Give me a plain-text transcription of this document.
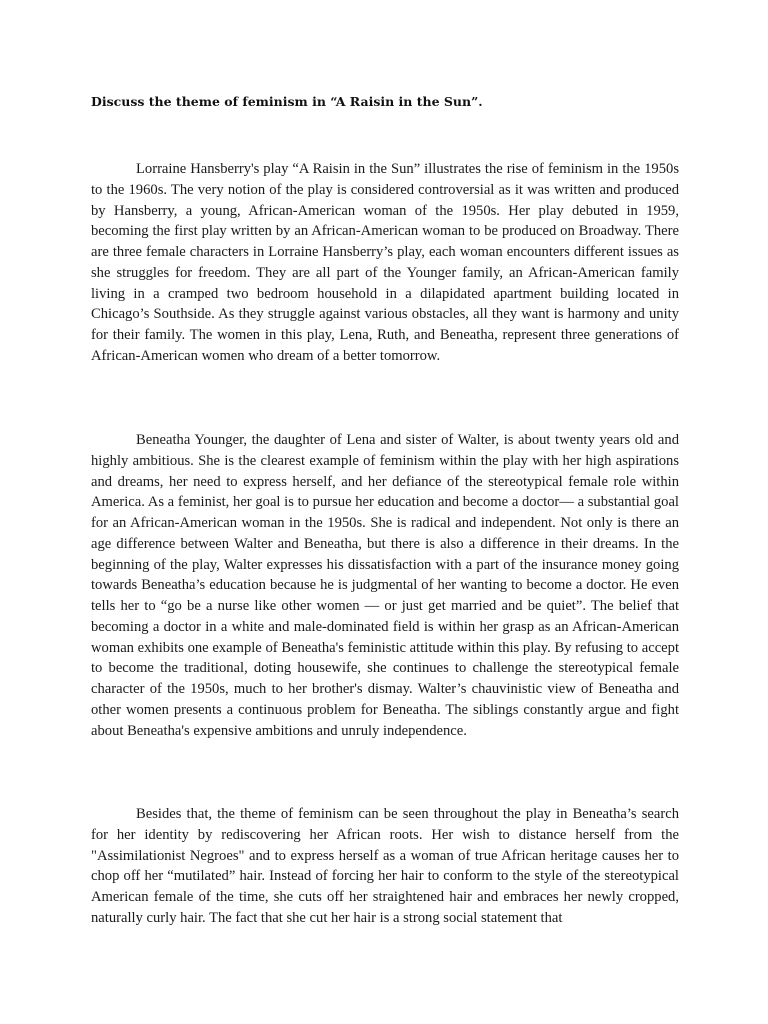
Discuss the theme of feminism in “A Raisin in the Sun”.

Lorraine Hansberry's play “A Raisin in the Sun” illustrates the rise of feminism in the 1950s to the 1960s. The very notion of the play is considered controversial as it was written and produced by Hansberry, a young, African-American woman of the 1950s. Her play debuted in 1959, becoming the first play written by an African-American woman to be produced on Broadway. There are three female characters in Lorraine Hansberry’s play, each woman encounters different issues as she struggles for freedom. They are all part of the Younger family, an African-American family living in a cramped two bedroom household in a dilapidated apartment building located in Chicago’s Southside. As they struggle against various obstacles, all they want is harmony and unity for their family. The women in this play, Lena, Ruth, and Beneatha, represent three generations of African-American women who dream of a better tomorrow.

Beneatha Younger, the daughter of Lena and sister of Walter, is about twenty years old and highly ambitious. She is the clearest example of feminism within the play with her high aspirations and dreams, her need to express herself, and her defiance of the stereotypical female role within America. As a feminist, her goal is to pursue her education and become a doctor— a substantial goal for an African-American woman in the 1950s. She is radical and independent. Not only is there an age difference between Walter and Beneatha, but there is also a difference in their dreams. In the beginning of the play, Walter expresses his dissatisfaction with a part of the insurance money going towards Beneatha’s education because he is judgmental of her wanting to become a doctor. He even tells her to “go be a nurse like other women — or just get married and be quiet”. The belief that becoming a doctor in a white and male-dominated field is within her grasp as an African-American woman exhibits one example of Beneatha's feministic attitude within this play. By refusing to accept to become the traditional, doting housewife, she continues to challenge the stereotypical female character of the 1950s, much to her brother's dismay. Walter’s chauvinistic view of Beneatha and other women presents a continuous problem for Beneatha. The siblings constantly argue and fight about Beneatha's expensive ambitions and unruly independence.

Besides that, the theme of feminism can be seen throughout the play in Beneatha’s search for her identity by rediscovering her African roots. Her wish to distance herself from the "Assimilationist Negroes" and to express herself as a woman of true African heritage causes her to chop off her “mutilated” hair. Instead of forcing her hair to conform to the style of the stereotypical American female of the time, she cuts off her straightened hair and embraces her newly cropped, naturally curly hair. The fact that she cut her hair is a strong social statement that
